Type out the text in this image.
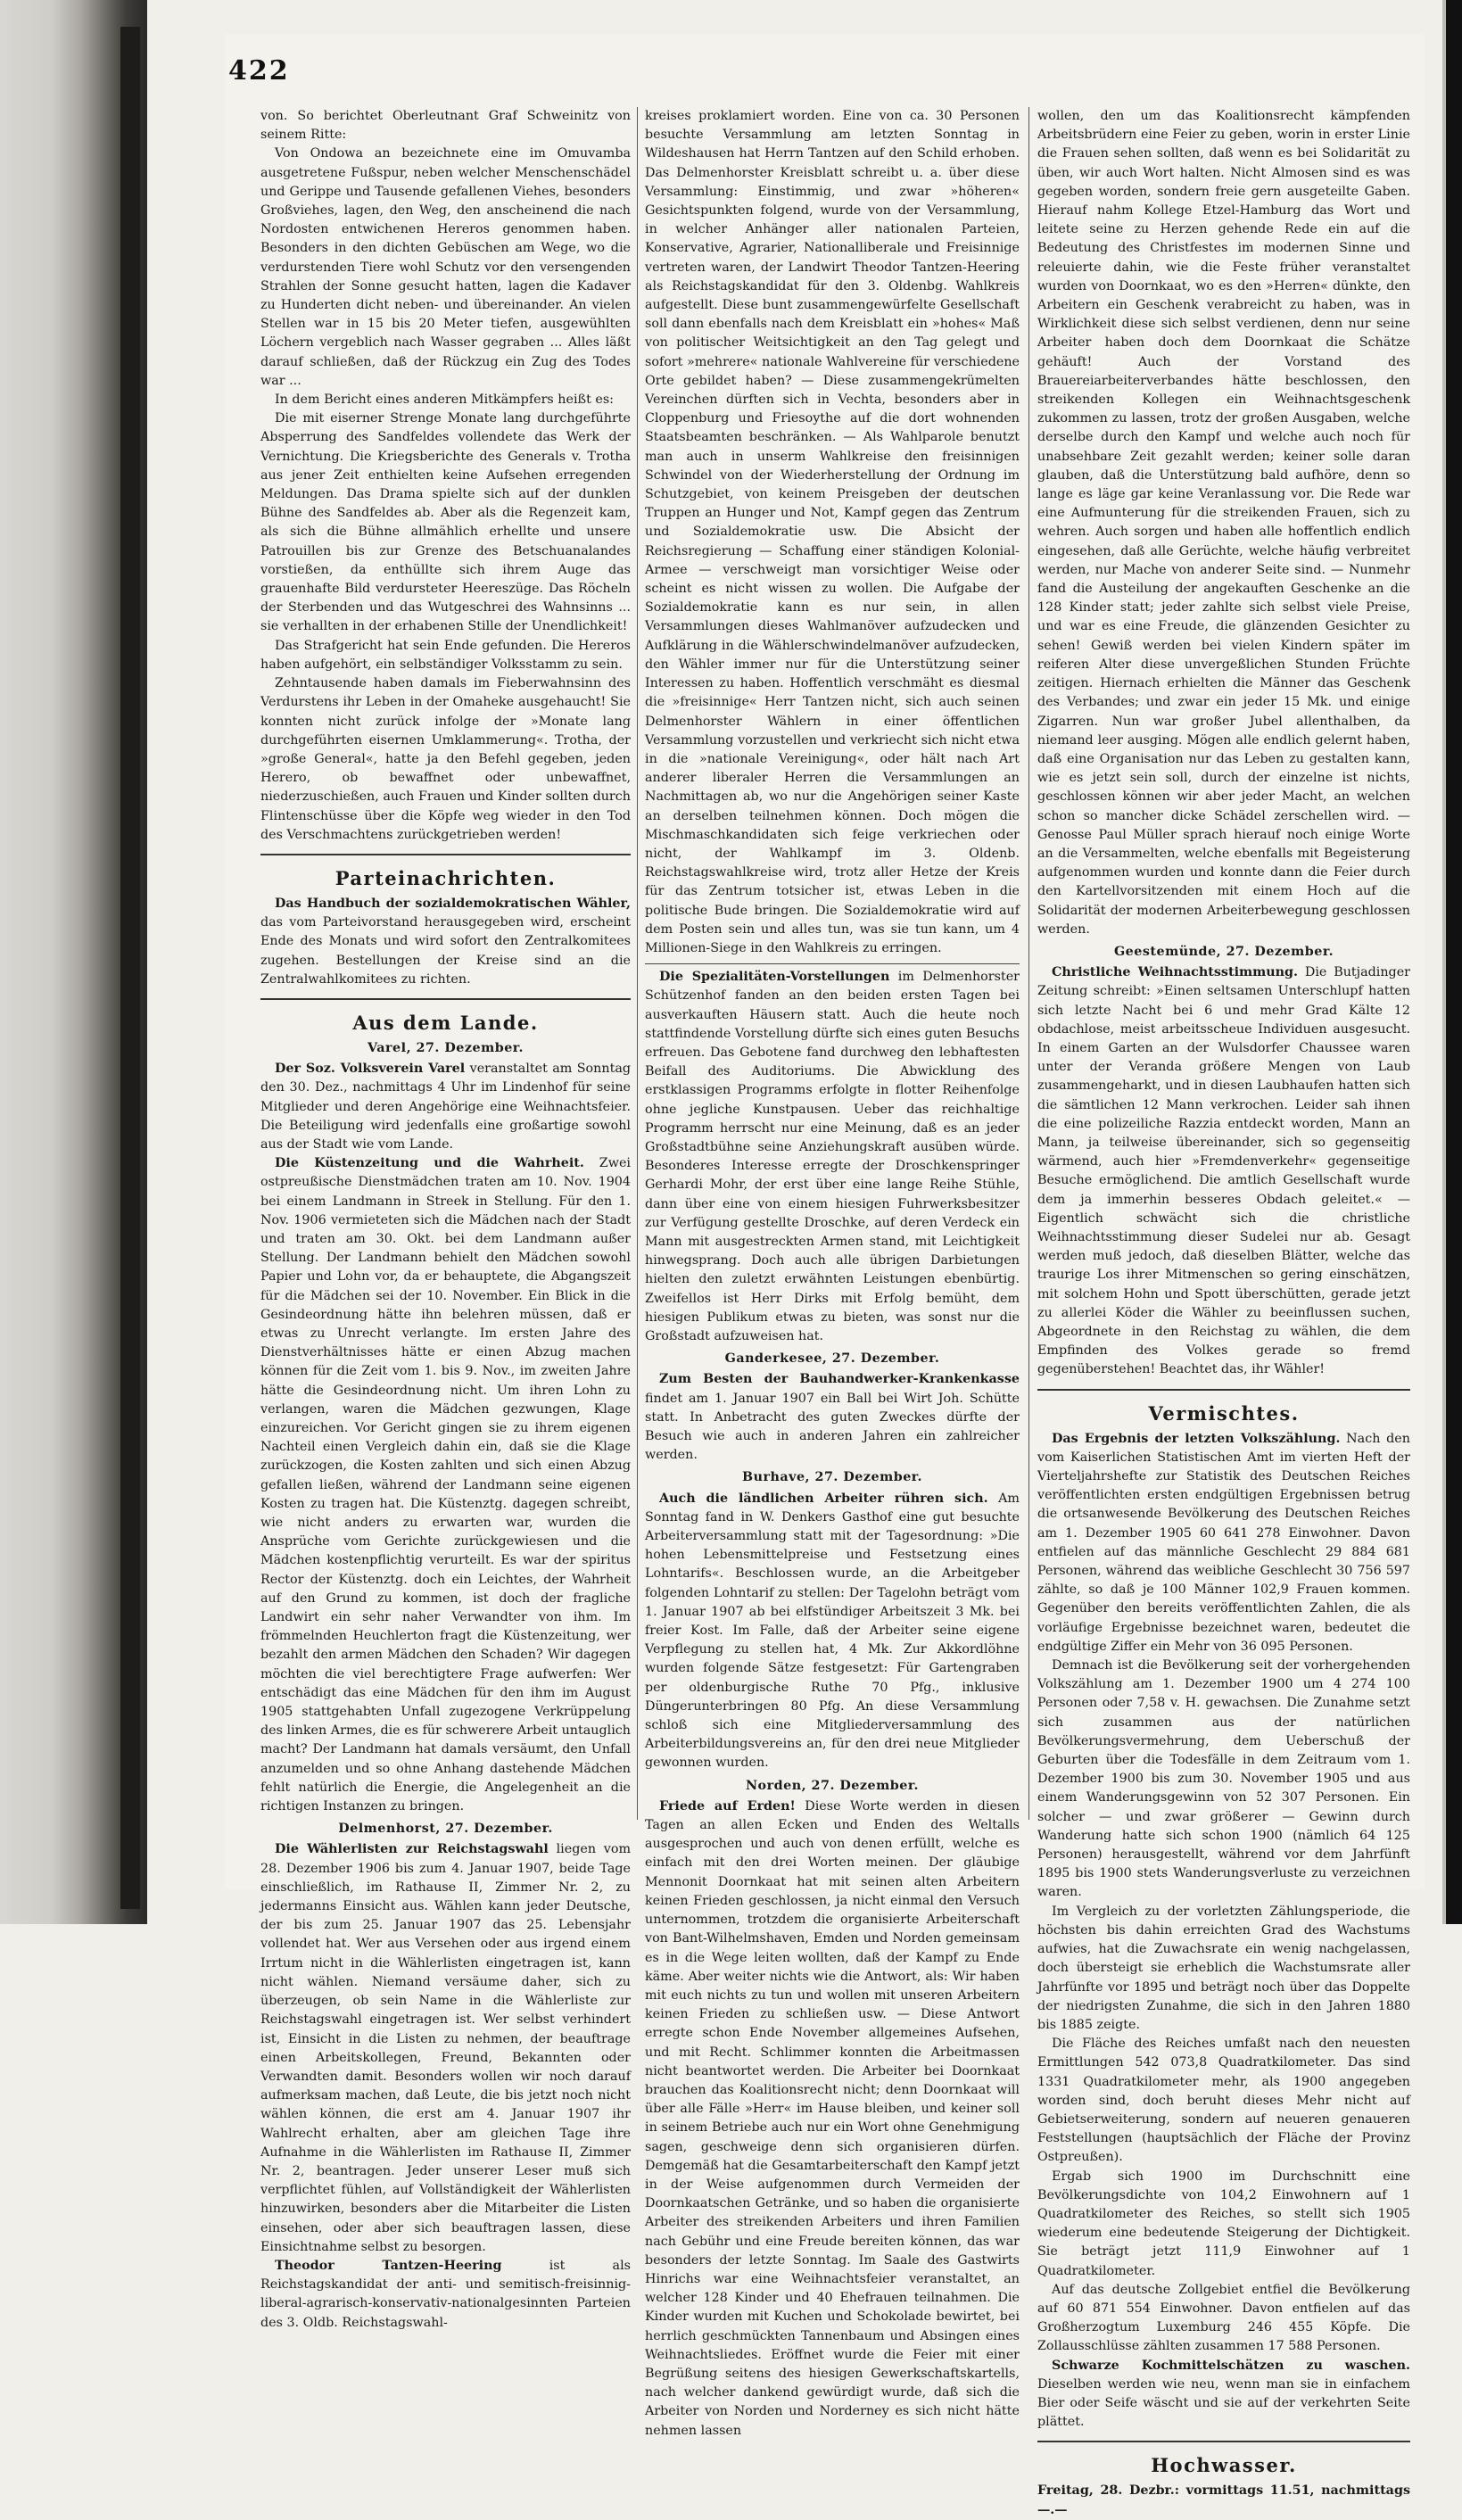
422

von. So berichtet Oberleutnant Graf Schweinitz von seinem Ritte:

Von Ondowa an bezeichnete eine im Omuvamba ausgetretene Fußspur, neben welcher Menschenschädel und Gerippe und Tausende gefallenen Viehes, besonders Großviehes, lagen, den Weg, den anscheinend die nach Nordosten entwichenen Hereros genommen haben. Besonders in den dichten Gebüschen am Wege, wo die verdurstenden Tiere wohl Schutz vor den versengenden Strahlen der Sonne gesucht hatten, lagen die Kadaver zu Hunderten dicht neben- und übereinander. An vielen Stellen war in 15 bis 20 Meter tiefen, ausgewühlten Löchern vergeblich nach Wasser gegraben ... Alles läßt darauf schließen, daß der Rückzug ein Zug des Todes war ...

In dem Bericht eines anderen Mitkämpfers heißt es:

Die mit eiserner Strenge Monate lang durchgeführte Absperrung des Sandfeldes vollendete das Werk der Vernichtung. Die Kriegsberichte des Generals v. Trotha aus jener Zeit enthielten keine Aufsehen erregenden Meldungen. Das Drama spielte sich auf der dunklen Bühne des Sandfeldes ab. Aber als die Regenzeit kam, als sich die Bühne allmählich erhellte und unsere Patrouillen bis zur Grenze des Betschuanalandes vorstießen, da enthüllte sich ihrem Auge das grauenhafte Bild verdursteter Heereszüge. Das Röcheln der Sterbenden und das Wutgeschrei des Wahnsinns ... sie verhallten in der erhabenen Stille der Unendlichkeit!

Das Strafgericht hat sein Ende gefunden. Die Hereros haben aufgehört, ein selbständiger Volksstamm zu sein.

Zehntausende haben damals im Fieberwahnsinn des Verdurstens ihr Leben in der Omaheke ausgehaucht! Sie konnten nicht zurück infolge der »Monate lang durchgeführten eisernen Umklammerung«. Trotha, der »große General«, hatte ja den Befehl gegeben, jeden Herero, ob bewaffnet oder unbewaffnet, niederzuschießen, auch Frauen und Kinder sollten durch Flintenschüsse über die Köpfe weg wieder in den Tod des Verschmachtens zurückgetrieben werden!

Parteinachrichten.

Das Handbuch der sozialdemokratischen Wähler, das vom Parteivorstand herausgegeben wird, erscheint Ende des Monats und wird sofort den Zentralkomitees zugehen. Bestellungen der Kreise sind an die Zentralwahlkomitees zu richten.

Aus dem Lande.
Varel, 27. Dezember.

Der Soz. Volksverein Varel veranstaltet am Sonntag den 30. Dez., nachmittags 4 Uhr im Lindenhof für seine Mitglieder und deren Angehörige eine Weihnachtsfeier. Die Beteiligung wird jedenfalls eine großartige sowohl aus der Stadt wie vom Lande.

Die Küstenzeitung und die Wahrheit. Zwei ostpreußische Dienstmädchen traten am 10. Nov. 1904 bei einem Landmann in Streek in Stellung. Für den 1. Nov. 1906 vermieteten sich die Mädchen nach der Stadt und traten am 30. Okt. bei dem Landmann außer Stellung. Der Landmann behielt den Mädchen sowohl Papier und Lohn vor, da er behauptete, die Abgangszeit für die Mädchen sei der 10. November. Ein Blick in die Gesindeordnung hätte ihn belehren müssen, daß er etwas zu Unrecht verlangte. Im ersten Jahre des Dienstverhältnisses hätte er einen Abzug machen können für die Zeit vom 1. bis 9. Nov., im zweiten Jahre hätte die Gesindeordnung nicht. Um ihren Lohn zu verlangen, waren die Mädchen gezwungen, Klage einzureichen. Vor Gericht gingen sie zu ihrem eigenen Nachteil einen Vergleich dahin ein, daß sie die Klage zurückzogen, die Kosten zahlten und sich einen Abzug gefallen ließen, während der Landmann seine eigenen Kosten zu tragen hat. Die Küstenztg. dagegen schreibt, wie nicht anders zu erwarten war, wurden die Ansprüche vom Gerichte zurückgewiesen und die Mädchen kostenpflichtig verurteilt. Es war der spiritus Rector der Küstenztg. doch ein Leichtes, der Wahrheit auf den Grund zu kommen, ist doch der fragliche Landwirt ein sehr naher Verwandter von ihm. Im frömmelnden Heuchlerton fragt die Küstenzeitung, wer bezahlt den armen Mädchen den Schaden? Wir dagegen möchten die viel berechtigtere Frage aufwerfen: Wer entschädigt das eine Mädchen für den ihm im August 1905 stattgehabten Unfall zugezogene Verkrüppelung des linken Armes, die es für schwerere Arbeit untauglich macht? Der Landmann hat damals versäumt, den Unfall anzumelden und so ohne Anhang dastehende Mädchen fehlt natürlich die Energie, die Angelegenheit an die richtigen Instanzen zu bringen.

Delmenhorst, 27. Dezember.

Die Wählerlisten zur Reichstagswahl liegen vom 28. Dezember 1906 bis zum 4. Januar 1907, beide Tage einschließlich, im Rathause II, Zimmer Nr. 2, zu jedermanns Einsicht aus. Wählen kann jeder Deutsche, der bis zum 25. Januar 1907 das 25. Lebensjahr vollendet hat. Wer aus Versehen oder aus irgend einem Irrtum nicht in die Wählerlisten eingetragen ist, kann nicht wählen. Niemand versäume daher, sich zu überzeugen, ob sein Name in die Wählerliste zur Reichstagswahl eingetragen ist. Wer selbst verhindert ist, Einsicht in die Listen zu nehmen, der beauftrage einen Arbeitskollegen, Freund, Bekannten oder Verwandten damit. Besonders wollen wir noch darauf aufmerksam machen, daß Leute, die bis jetzt noch nicht wählen können, die erst am 4. Januar 1907 ihr Wahlrecht erhalten, aber am gleichen Tage ihre Aufnahme in die Wählerlisten im Rathause II, Zimmer Nr. 2, beantragen. Jeder unserer Leser muß sich verpflichtet fühlen, auf Vollständigkeit der Wählerlisten hinzuwirken, besonders aber die Mitarbeiter die Listen einsehen, oder aber sich beauftragen lassen, diese Einsichtnahme selbst zu besorgen.

Theodor Tantzen-Heering ist als Reichstagskandidat der anti- und semitisch-freisinnig-liberal-agrarisch-konservativ-nationalgesinnten Parteien des 3. Oldb. Reichstagswahl-

kreises proklamiert worden. Eine von ca. 30 Personen besuchte Versammlung am letzten Sonntag in Wildeshausen hat Herrn Tantzen auf den Schild erhoben. Das Delmenhorster Kreisblatt schreibt u. a. über diese Versammlung: Einstimmig, und zwar »höheren« Gesichtspunkten folgend, wurde von der Versammlung, in welcher Anhänger aller nationalen Parteien, Konservative, Agrarier, Nationalliberale und Freisinnige vertreten waren, der Landwirt Theodor Tantzen-Heering als Reichstagskandidat für den 3. Oldenbg. Wahlkreis aufgestellt. Diese bunt zusammengewürfelte Gesellschaft soll dann ebenfalls nach dem Kreisblatt ein »hohes« Maß von politischer Weitsichtigkeit an den Tag gelegt und sofort »mehrere« nationale Wahlvereine für verschiedene Orte gebildet haben? — Diese zusammengekrümelten Vereinchen dürften sich in Vechta, besonders aber in Cloppenburg und Friesoythe auf die dort wohnenden Staatsbeamten beschränken. — Als Wahlparole benutzt man auch in unserm Wahlkreise den freisinnigen Schwindel von der Wiederherstellung der Ordnung im Schutzgebiet, von keinem Preisgeben der deutschen Truppen an Hunger und Not, Kampf gegen das Zentrum und Sozialdemokratie usw. Die Absicht der Reichsregierung — Schaffung einer ständigen Kolonial-Armee — verschweigt man vorsichtiger Weise oder scheint es nicht wissen zu wollen. Die Aufgabe der Sozialdemokratie kann es nur sein, in allen Versammlungen dieses Wahlmanöver aufzudecken und Aufklärung in die Wählerschwindelmanöver aufzudecken, den Wähler immer nur für die Unterstützung seiner Interessen zu haben. Hoffentlich verschmäht es diesmal die »freisinnige« Herr Tantzen nicht, sich auch seinen Delmenhorster Wählern in einer öffentlichen Versammlung vorzustellen und verkriecht sich nicht etwa in die »nationale Vereinigung«, oder hält nach Art anderer liberaler Herren die Versammlungen an Nachmittagen ab, wo nur die Angehörigen seiner Kaste an derselben teilnehmen können. Doch mögen die Mischmaschkandidaten sich feige verkriechen oder nicht, der Wahlkampf im 3. Oldenb. Reichstagswahlkreise wird, trotz aller Hetze der Kreis für das Zentrum totsicher ist, etwas Leben in die politische Bude bringen. Die Sozialdemokratie wird auf dem Posten sein und alles tun, was sie tun kann, um 4 Millionen-Siege in den Wahlkreis zu erringen.

Die Spezialitäten-Vorstellungen im Delmenhorster Schützenhof fanden an den beiden ersten Tagen bei ausverkauften Häusern statt. Auch die heute noch stattfindende Vorstellung dürfte sich eines guten Besuchs erfreuen. Das Gebotene fand durchweg den lebhaftesten Beifall des Auditoriums. Die Abwicklung des erstklassigen Programms erfolgte in flotter Reihenfolge ohne jegliche Kunstpausen. Ueber das reichhaltige Programm herrscht nur eine Meinung, daß es an jeder Großstadtbühne seine Anziehungskraft ausüben würde. Besonderes Interesse erregte der Droschkenspringer Gerhardi Mohr, der erst über eine lange Reihe Stühle, dann über eine von einem hiesigen Fuhrwerksbesitzer zur Verfügung gestellte Droschke, auf deren Verdeck ein Mann mit ausgestreckten Armen stand, mit Leichtigkeit hinwegsprang. Doch auch alle übrigen Darbietungen hielten den zuletzt erwähnten Leistungen ebenbürtig. Zweifellos ist Herr Dirks mit Erfolg bemüht, dem hiesigen Publikum etwas zu bieten, was sonst nur die Großstadt aufzuweisen hat.

Ganderkesee, 27. Dezember.

Zum Besten der Bauhandwerker-Krankenkasse findet am 1. Januar 1907 ein Ball bei Wirt Joh. Schütte statt. In Anbetracht des guten Zweckes dürfte der Besuch wie auch in anderen Jahren ein zahlreicher werden.

Burhave, 27. Dezember.

Auch die ländlichen Arbeiter rühren sich. Am Sonntag fand in W. Denkers Gasthof eine gut besuchte Arbeiterversammlung statt mit der Tagesordnung: »Die hohen Lebensmittelpreise und Festsetzung eines Lohntarifs«. Beschlossen wurde, an die Arbeitgeber folgenden Lohntarif zu stellen: Der Tagelohn beträgt vom 1. Januar 1907 ab bei elfstündiger Arbeitszeit 3 Mk. bei freier Kost. Im Falle, daß der Arbeiter seine eigene Verpflegung zu stellen hat, 4 Mk. Zur Akkordlöhne wurden folgende Sätze festgesetzt: Für Gartengraben per oldenburgische Ruthe 70 Pfg., inklusive Düngerunterbringen 80 Pfg. An diese Versammlung schloß sich eine Mitgliederversammlung des Arbeiterbildungsvereins an, für den drei neue Mitglieder gewonnen wurden.

Norden, 27. Dezember.

Friede auf Erden! Diese Worte werden in diesen Tagen an allen Ecken und Enden des Weltalls ausgesprochen und auch von denen erfüllt, welche es einfach mit den drei Worten meinen. Der gläubige Mennonit Doornkaat hat mit seinen alten Arbeitern keinen Frieden geschlossen, ja nicht einmal den Versuch unternommen, trotzdem die organisierte Arbeiterschaft von Bant-Wilhelmshaven, Emden und Norden gemeinsam es in die Wege leiten wollten, daß der Kampf zu Ende käme. Aber weiter nichts wie die Antwort, als: Wir haben mit euch nichts zu tun und wollen mit unseren Arbeitern keinen Frieden zu schließen usw. — Diese Antwort erregte schon Ende November allgemeines Aufsehen, und mit Recht. Schlimmer konnten die Arbeitmassen nicht beantwortet werden. Die Arbeiter bei Doornkaat brauchen das Koalitionsrecht nicht; denn Doornkaat will über alle Fälle »Herr« im Hause bleiben, und keiner soll in seinem Betriebe auch nur ein Wort ohne Genehmigung sagen, geschweige denn sich organisieren dürfen. Demgemäß hat die Gesamtarbeiterschaft den Kampf jetzt in der Weise aufgenommen durch Vermeiden der Doornkaatschen Getränke, und so haben die organisierte Arbeiter des streikenden Arbeiters und ihren Familien nach Gebühr und eine Freude bereiten können, das war besonders der letzte Sonntag. Im Saale des Gastwirts Hinrichs war eine Weihnachtsfeier veranstaltet, an welcher 128 Kinder und 40 Ehefrauen teilnahmen. Die Kinder wurden mit Kuchen und Schokolade bewirtet, bei herrlich geschmückten Tannenbaum und Absingen eines Weihnachtsliedes. Eröffnet wurde die Feier mit einer Begrüßung seitens des hiesigen Gewerkschaftskartells, nach welcher dankend gewürdigt wurde, daß sich die Arbeiter von Norden und Norderney es sich nicht hätte nehmen lassen

wollen, den um das Koalitionsrecht kämpfenden Arbeitsbrüdern eine Feier zu geben, worin in erster Linie die Frauen sehen sollten, daß wenn es bei Solidarität zu üben, wir auch Wort halten. Nicht Almosen sind es was gegeben worden, sondern freie gern ausgeteilte Gaben. Hierauf nahm Kollege Etzel-Hamburg das Wort und leitete seine zu Herzen gehende Rede ein auf die Bedeutung des Christfestes im modernen Sinne und releuierte dahin, wie die Feste früher veranstaltet wurden von Doornkaat, wo es den »Herren« dünkte, den Arbeitern ein Geschenk verabreicht zu haben, was in Wirklichkeit diese sich selbst verdienen, denn nur seine Arbeiter haben doch dem Doornkaat die Schätze gehäuft! Auch der Vorstand des Brauereiarbeiterverbandes hätte beschlossen, den streikenden Kollegen ein Weihnachtsgeschenk zukommen zu lassen, trotz der großen Ausgaben, welche derselbe durch den Kampf und welche auch noch für unabsehbare Zeit gezahlt werden; keiner solle daran glauben, daß die Unterstützung bald aufhöre, denn so lange es läge gar keine Veranlassung vor. Die Rede war eine Aufmunterung für die streikenden Frauen, sich zu wehren. Auch sorgen und haben alle hoffentlich endlich eingesehen, daß alle Gerüchte, welche häufig verbreitet werden, nur Mache von anderer Seite sind. — Nunmehr fand die Austeilung der angekauften Geschenke an die 128 Kinder statt; jeder zahlte sich selbst viele Preise, und war es eine Freude, die glänzenden Gesichter zu sehen! Gewiß werden bei vielen Kindern später im reiferen Alter diese unvergeßlichen Stunden Früchte zeitigen. Hiernach erhielten die Männer das Geschenk des Verbandes; und zwar ein jeder 15 Mk. und einige Zigarren. Nun war großer Jubel allenthalben, da niemand leer ausging. Mögen alle endlich gelernt haben, daß eine Organisation nur das Leben zu gestalten kann, wie es jetzt sein soll, durch der einzelne ist nichts, geschlossen können wir aber jeder Macht, an welchen schon so mancher dicke Schädel zerschellen wird. — Genosse Paul Müller sprach hierauf noch einige Worte an die Versammelten, welche ebenfalls mit Begeisterung aufgenommen wurden und konnte dann die Feier durch den Kartellvorsitzenden mit einem Hoch auf die Solidarität der modernen Arbeiterbewegung geschlossen werden.

Geestemünde, 27. Dezember.

Christliche Weihnachtsstimmung. Die Butjadinger Zeitung schreibt: »Einen seltsamen Unterschlupf hatten sich letzte Nacht bei 6 und mehr Grad Kälte 12 obdachlose, meist arbeitsscheue Individuen ausgesucht. In einem Garten an der Wulsdorfer Chaussee waren unter der Veranda größere Mengen von Laub zusammengeharkt, und in diesen Laubhaufen hatten sich die sämtlichen 12 Mann verkrochen. Leider sah ihnen die eine polizeiliche Razzia entdeckt worden, Mann an Mann, ja teilweise übereinander, sich so gegenseitig wärmend, auch hier »Fremdenverkehr« gegenseitige Besuche ermöglichend. Die amtlich Gesellschaft wurde dem ja immerhin besseres Obdach geleitet.« — Eigentlich schwächt sich die christliche Weihnachtsstimmung dieser Sudelei nur ab. Gesagt werden muß jedoch, daß dieselben Blätter, welche das traurige Los ihrer Mitmenschen so gering einschätzen, mit solchem Hohn und Spott überschütten, gerade jetzt zu allerlei Köder die Wähler zu beeinflussen suchen, Abgeordnete in den Reichstag zu wählen, die dem Empfinden des Volkes gerade so fremd gegenüberstehen! Beachtet das, ihr Wähler!

Vermischtes.

Das Ergebnis der letzten Volkszählung. Nach den vom Kaiserlichen Statistischen Amt im vierten Heft der Vierteljahrshefte zur Statistik des Deutschen Reiches veröffentlichten ersten endgültigen Ergebnissen betrug die ortsanwesende Bevölkerung des Deutschen Reiches am 1. Dezember 1905 60 641 278 Einwohner. Davon entfielen auf das männliche Geschlecht 29 884 681 Personen, während das weibliche Geschlecht 30 756 597 zählte, so daß je 100 Männer 102,9 Frauen kommen. Gegenüber den bereits veröffentlichten Zahlen, die als vorläufige Ergebnisse bezeichnet waren, bedeutet die endgültige Ziffer ein Mehr von 36 095 Personen.

Demnach ist die Bevölkerung seit der vorhergehenden Volkszählung am 1. Dezember 1900 um 4 274 100 Personen oder 7,58 v. H. gewachsen. Die Zunahme setzt sich zusammen aus der natürlichen Bevölkerungsvermehrung, dem Ueberschuß der Geburten über die Todesfälle in dem Zeitraum vom 1. Dezember 1900 bis zum 30. November 1905 und aus einem Wanderungsgewinn von 52 307 Personen. Ein solcher — und zwar größerer — Gewinn durch Wanderung hatte sich schon 1900 (nämlich 64 125 Personen) herausgestellt, während vor dem Jahrfünft 1895 bis 1900 stets Wanderungsverluste zu verzeichnen waren.

Im Vergleich zu der vorletzten Zählungsperiode, die höchsten bis dahin erreichten Grad des Wachstums aufwies, hat die Zuwachsrate ein wenig nachgelassen, doch übersteigt sie erheblich die Wachstumsrate aller Jahrfünfte vor 1895 und beträgt noch über das Doppelte der niedrigsten Zunahme, die sich in den Jahren 1880 bis 1885 zeigte.

Die Fläche des Reiches umfaßt nach den neuesten Ermittlungen 542 073,8 Quadratkilometer. Das sind 1331 Quadratkilometer mehr, als 1900 angegeben worden sind, doch beruht dieses Mehr nicht auf Gebietserweiterung, sondern auf neueren genaueren Feststellungen (hauptsächlich der Fläche der Provinz Ostpreußen).

Ergab sich 1900 im Durchschnitt eine Bevölkerungsdichte von 104,2 Einwohnern auf 1 Quadratkilometer des Reiches, so stellt sich 1905 wiederum eine bedeutende Steigerung der Dichtigkeit. Sie beträgt jetzt 111,9 Einwohner auf 1 Quadratkilometer.

Auf das deutsche Zollgebiet entfiel die Bevölkerung auf 60 871 554 Einwohner. Davon entfielen auf das Großherzogtum Luxemburg 246 455 Köpfe. Die Zollausschlüsse zählten zusammen 17 588 Personen.

Schwarze Kochmittelschätzen zu waschen. Dieselben werden wie neu, wenn man sie in einfachem Bier oder Seife wäscht und sie auf der verkehrten Seite plättet.

Hochwasser.

Freitag, 28. Dezbr.: vormittags 11.51, nachmittags —.—
